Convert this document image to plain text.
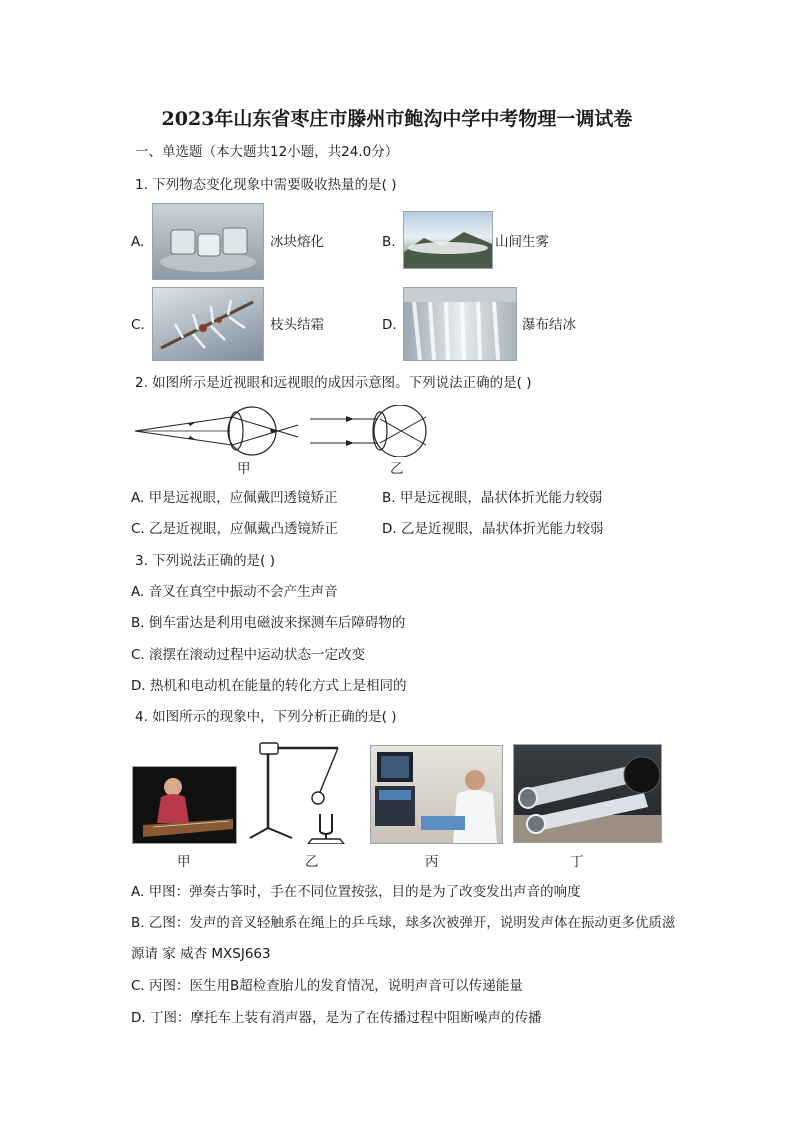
2023年山东省枣庄市滕州市鲍沟中学中考物理一调试卷
一、单选题（本大题共12小题，共24.0分）
1. 下列物态变化现象中需要吸收热量的是( )
A.	冰块熔化	B.	山间生雾
C.	枝头结霜	D.	瀑布结冰
2. 如图所示是近视眼和远视眼的成因示意图。下列说法正确的是( )
甲	乙
A. 甲是远视眼，应佩戴凹透镜矫正	B. 甲是远视眼，晶状体折光能力较弱
C. 乙是近视眼，应佩戴凸透镜矫正	D. 乙是近视眼，晶状体折光能力较弱
3. 下列说法正确的是( )
A. 音叉在真空中振动不会产生声音
B. 倒车雷达是利用电磁波来探测车后障碍物的
C. 滚摆在滚动过程中运动状态一定改变
D. 热机和电动机在能量的转化方式上是相同的
4. 如图所示的现象中，下列分析正确的是( )
甲	乙	丙	丁
A. 甲图：弹奏古筝时，手在不同位置按弦，目的是为了改变发出声音的响度
B. 乙图：发声的音叉轻触系在绳上的乒乓球，球多次被弹开，说明发声体在振动更多优质滋
源请 家 威杏 MXSJ663
C. 丙图：医生用B超检查胎儿的发育情况，说明声音可以传递能量
D. 丁图：摩托车上装有消声器，是为了在传播过程中阻断噪声的传播
